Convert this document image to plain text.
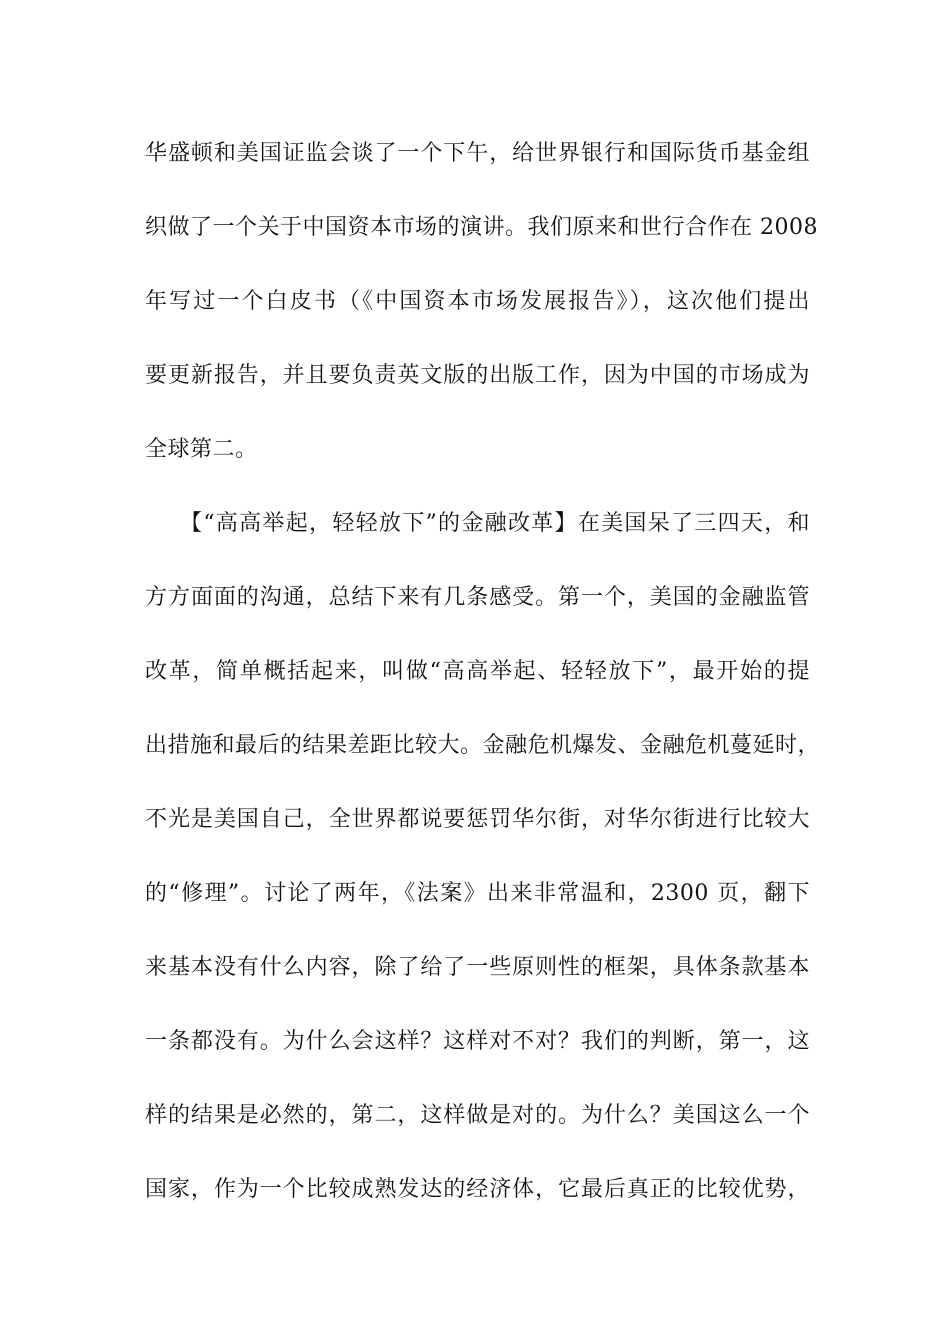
华盛顿和美国证监会谈了一个下午，给世界银行和国际货币基金组
织做了一个关于中国资本市场的演讲。我们原来和世行合作在 2008
年写过一个白皮书（《中国资本市场发展报告》），这次他们提出
要更新报告，并且要负责英文版的出版工作，因为中国的市场成为
全球第二。
【“高高举起，轻轻放下”的金融改革】在美国呆了三四天，和
方方面面的沟通，总结下来有几条感受。第一个，美国的金融监管
改革，简单概括起来，叫做“高高举起、轻轻放下”，最开始的提
出措施和最后的结果差距比较大。金融危机爆发、金融危机蔓延时，
不光是美国自己，全世界都说要惩罚华尔街，对华尔街进行比较大
的“修理”。讨论了两年，《法案》出来非常温和，2300 页，翻下
来基本没有什么内容，除了给了一些原则性的框架，具体条款基本
一条都没有。为什么会这样？这样对不对？我们的判断，第一，这
样的结果是必然的，第二，这样做是对的。为什么？美国这么一个
国家，作为一个比较成熟发达的经济体，它最后真正的比较优势，
